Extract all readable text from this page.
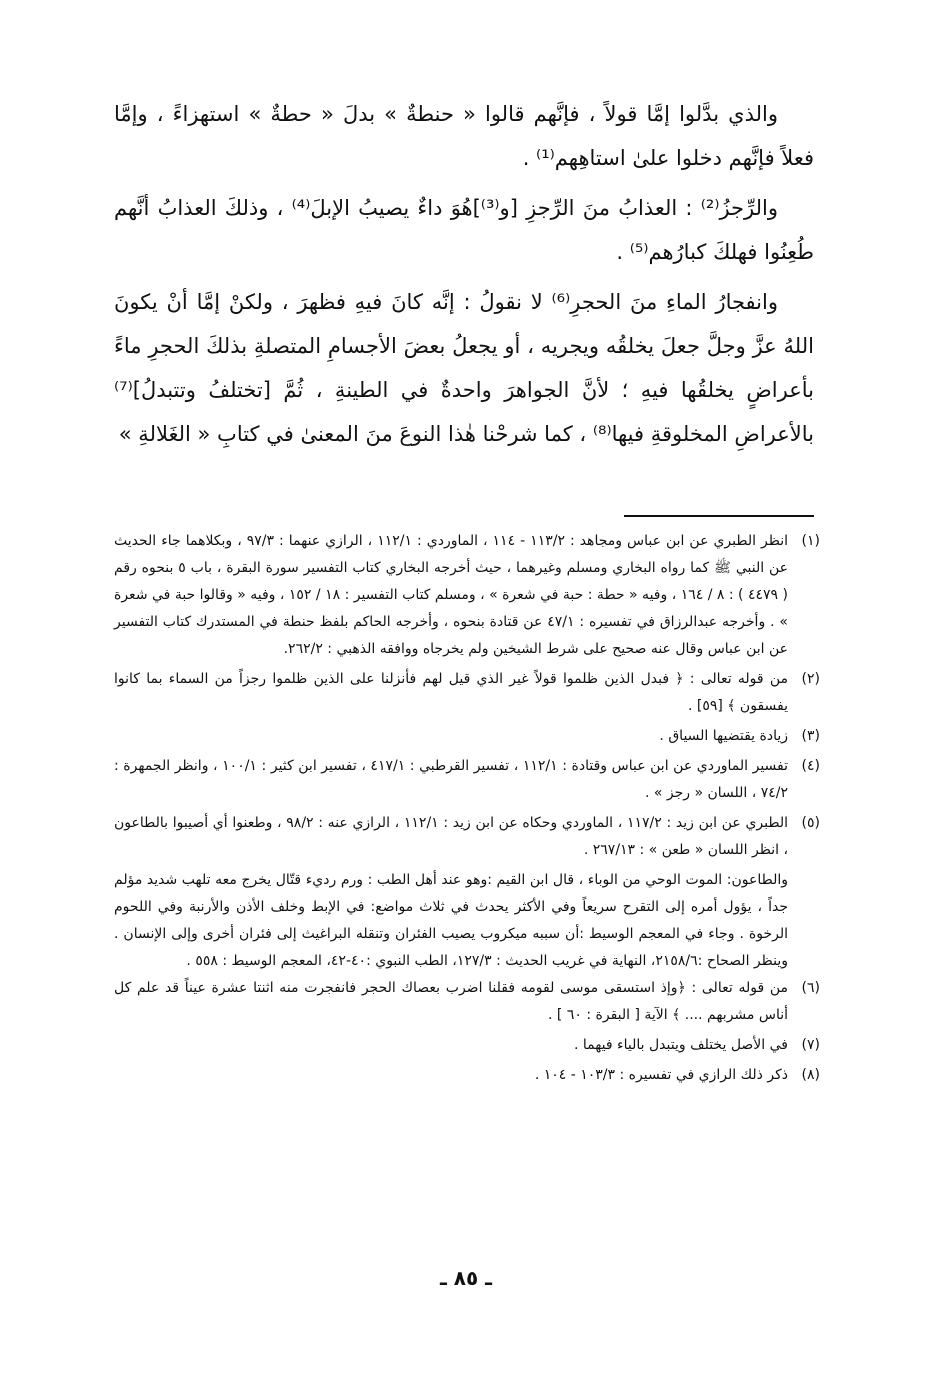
والذي بدَّلوا إمَّا قولاً ، فإنَّهم قالوا « حنطةٌ » بدلَ « حطةٌ » استهزاءً ، وإمَّا فعلاً فإنَّهم دخلوا علىٰ استاهِهم⁽¹⁾ .

والرِّجزُ⁽²⁾ : العذابُ منَ الرِّجزِ [و⁽³⁾]هُوَ داءٌ يصيبُ الإبلَ⁽⁴⁾ ، وذلكَ العذابُ أنَّهم طُعِنُوا فهلكَ كبارُهم⁽⁵⁾ .

وانفجارُ الماءِ منَ الحجرِ⁽⁶⁾ لا نقولُ : إنَّه كانَ فيهِ فظهرَ ، ولكنْ إمَّا أنْ يكونَ اللهُ عزَّ وجلَّ جعلَ يخلقُه ويجريه ، أو يجعلُ بعضَ الأجسامِ المتصلةِ بذلكَ الحجرِ ماءً بأعراضٍ يخلقُها فيهِ ؛ لأنَّ الجواهرَ واحدةٌ في الطينةِ ، ثُمَّ [تختلفُ وتتبدلُ]⁽⁷⁾ بالأعراضِ المخلوقةِ فيها⁽⁸⁾ ، كما شرحْنا هٰذا النوعَ منَ المعنىٰ في كتابِ « الغَلالةِ »

(١)
انظر الطبري عن ابن عباس ومجاهد : ١١٣/٢ - ١١٤ ، الماوردي : ١١٢/١ ، الرازي عنهما : ٩٧/٣ ، وبكلاهما جاء الحديث عن النبي ﷺ كما رواه البخاري ومسلم وغيرهما ، حيث أخرجه البخاري كتاب التفسير سورة البقرة ، باب ٥ بنحوه رقم ( ٤٤٧٩ ) : ٨ / ١٦٤ ، وفيه « حطة : حبة في شعرة » ، ومسلم كتاب التفسير : ١٨ / ١٥٢ ، وفيه « وقالوا حبة في شعرة » . وأخرجه عبدالرزاق في تفسيره : ٤٧/١ عن قتادة بنحوه ، وأخرجه الحاكم بلفظ حنطة في المستدرك كتاب التفسير عن ابن عباس وقال عنه صحيح على شرط الشيخين ولم يخرجاه ووافقه الذهبي : ٢٦٢/٢.
(٢)
من قوله تعالى : ﴿ فبدل الذين ظلموا قولاً غير الذي قيل لهم فأنزلنا على الذين ظلموا رجزاً من السماء بما كانوا يفسقون ﴾ [٥٩] .
(٣)
زيادة يقتضيها السياق .
(٤)
تفسير الماوردي عن ابن عباس وقتادة : ١١٢/١ ، تفسير القرطبي : ٤١٧/١ ، تفسير ابن كثير : ١٠٠/١ ، وانظر الجمهرة : ٧٤/٢ ، اللسان « رجز » .
(٥)
الطبري عن ابن زيد : ١١٧/٢ ، الماوردي وحكاه عن ابن زيد : ١١٢/١ ، الرازي عنه : ٩٨/٢ ، وطعنوا أي أصيبوا بالطاعون ، انظر اللسان « طعن » : ٢٦٧/١٣ .
والطاعون: الموت الوحي من الوباء ، قال ابن القيم :وهو عند أهل الطب : ورم رديء قتّال يخرج معه تلهب شديد مؤلم جداً ، يؤول أمره إلى التقرح سريعاً وفي الأكثر يحدث في ثلاث مواضع: في الإبط وخلف الأذن والأرنبة وفي اللحوم الرخوة . وجاء في المعجم الوسيط :أن سببه ميكروب يصيب الفئران وتنقله البراغيث إلى فئران أخرى وإلى الإنسان . وينظر الصحاح :٢١٥٨/٦، النهاية في غريب الحديث : ١٢٧/٣، الطب النبوي :٤٠-٤٢، المعجم الوسيط : ٥٥٨ .
(٦)
من قوله تعالى : ﴿وإذ استسقى موسى لقومه فقلنا اضرب بعصاك الحجر فانفجرت منه اثنتا عشرة عيناً قد علم كل أناس مشربهم .... ﴾ الآية [ البقرة : ٦٠ ] .
(٧)
في الأصل يختلف ويتبدل بالياء فيهما .
(٨)
ذكر ذلك الرازي في تفسيره : ١٠٣/٣ - ١٠٤ .
ـ ٨٥ ـ
